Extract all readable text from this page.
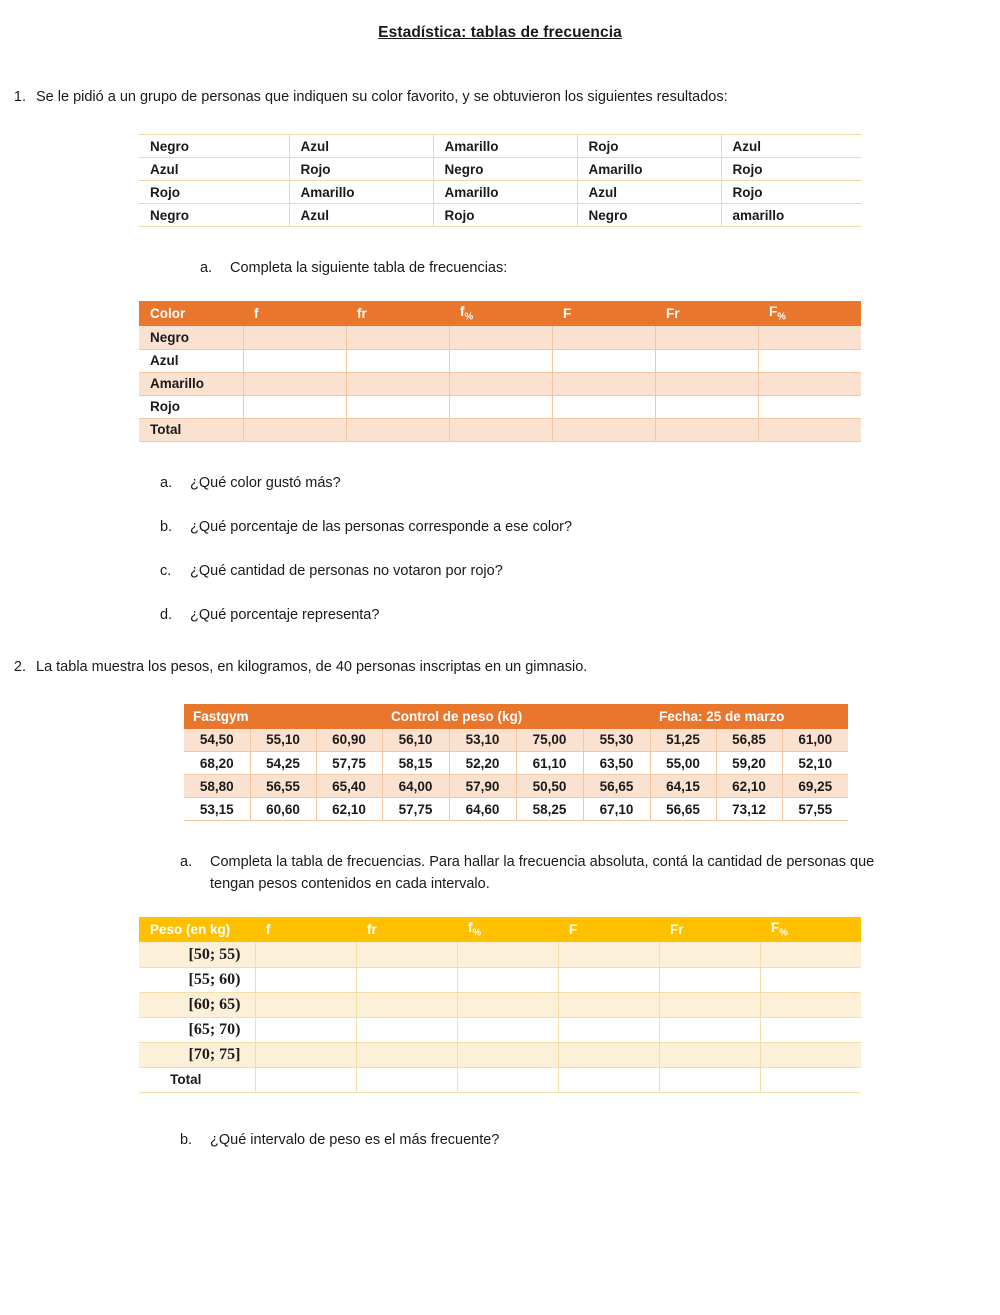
Estadística: tablas de frecuencia
1. Se le pidió a un grupo de personas que indiquen su color favorito, y se obtuvieron los siguientes resultados:
Negro	Azul	Amarillo	Rojo	Azul
Azul	Rojo	Negro	Amarillo	Rojo
Rojo	Amarillo	Amarillo	Azul	Rojo
Negro	Azul	Rojo	Negro	amarillo
a.	Completa la siguiente tabla de frecuencias:
Color	f	fr	$f_{\%}$	F	Fr	$F_{\%}$
Negro						
Azul						
Amarillo						
Rojo						
Total						
a.	¿Qué color gustó más?
b.	¿Qué porcentaje de las personas corresponde a ese color?
c.	¿Qué cantidad de personas no votaron por rojo?
d.	¿Qué porcentaje representa?
2. La tabla muestra los pesos, en kilogramos, de 40 personas inscriptas en un gimnasio.
Fastgym			Control de peso (kg)				Fecha: 25 de marzo		
54,50	55,10	60,90	56,10	53,10	75,00	55,30	51,25	56,85	61,00
68,20	54,25	57,75	58,15	52,20	61,10	63,50	55,00	59,20	52,10
58,80	56,55	65,40	64,00	57,90	50,50	56,65	64,15	62,10	69,25
53,15	60,60	62,10	57,75	64,60	58,25	67,10	56,65	73,12	57,55
a.	Completa la tabla de frecuencias. Para hallar la frecuencia absoluta, contá la cantidad de personas que tengan pesos contenidos en cada intervalo.
Peso (en kg)	f	fr	$f_{\%}$	F	Fr	$F_{\%}$
[50; 55)						
[55; 60)						
[60; 65)						
[65; 70)						
[70; 75]						
Total						
b.	¿Qué intervalo de peso es el más frecuente?
